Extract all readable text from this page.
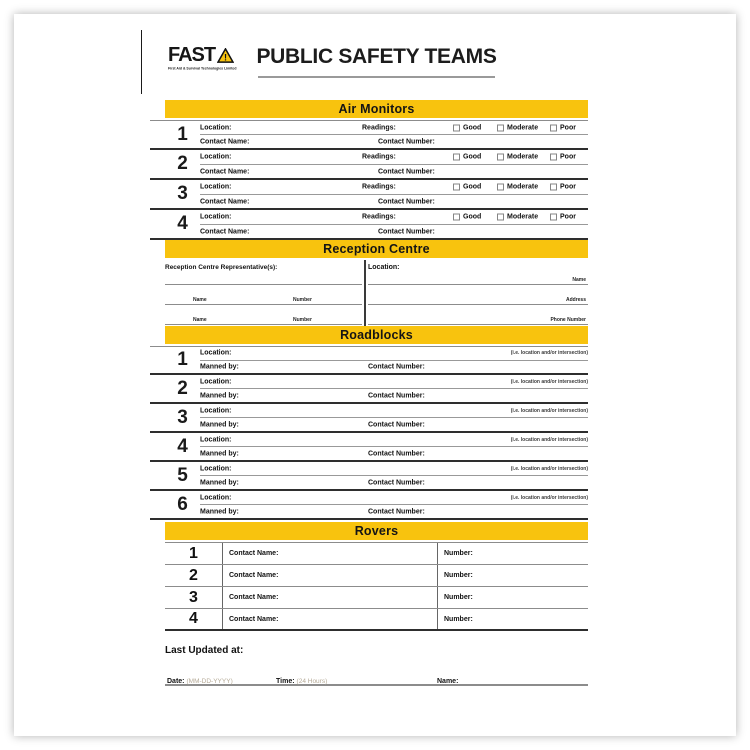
FAST !
First Aid & Survival Technologies Limited
PUBLIC SAFETY TEAMS
Air Monitors
1	Location:	Readings:	Good	Moderate	Poor
Contact Name:	Contact Number:
2	Location:	Readings:	Good	Moderate	Poor
Contact Name:	Contact Number:
3	Location:	Readings:	Good	Moderate	Poor
Contact Name:	Contact Number:
4	Location:	Readings:	Good	Moderate	Poor
Contact Name:	Contact Number:
Reception Centre
Reception Centre Representative(s):
Name	Number
Name	Number
Location:
Name
Address
Phone Number
Roadblocks
1	Location:	(i.e. location and/or intersection)
Manned by:	Contact Number:
2	Location:	(i.e. location and/or intersection)
Manned by:	Contact Number:
3	Location:	(i.e. location and/or intersection)
Manned by:	Contact Number:
4	Location:	(i.e. location and/or intersection)
Manned by:	Contact Number:
5	Location:	(i.e. location and/or intersection)
Manned by:	Contact Number:
6	Location:	(i.e. location and/or intersection)
Manned by:	Contact Number:
Rovers
1	Contact Name:	Number:
2	Contact Name:	Number:
3	Contact Name:	Number:
4	Contact Name:	Number:
Last Updated at:
Date: (MM-DD-YYYY)	Time: (24 Hours)	Name:
